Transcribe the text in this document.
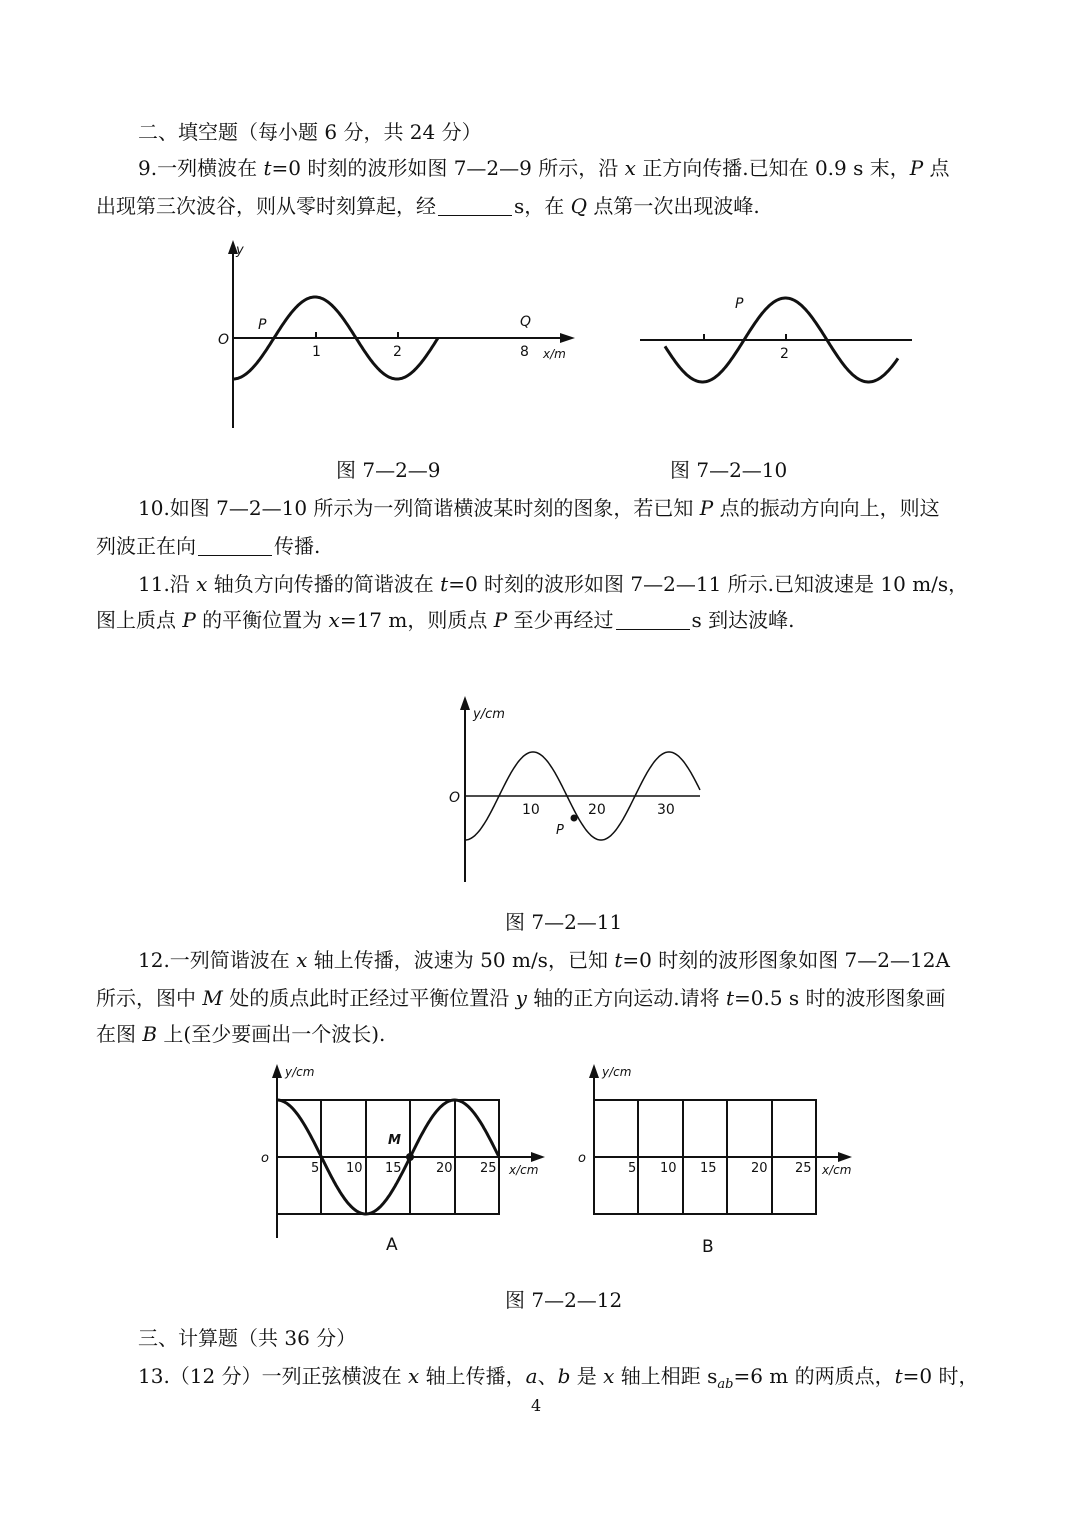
二、填空题（每小题 6 分，共 24 分）
9.一列横波在 t=0 时刻的波形如图 7—2—9 所示，沿 x 正方向传播.已知在 0.9 s 末，P 点
出现第三次波谷，则从零时刻算起，经	s，在 Q 点第一次出现波峰.
y
O
1	2	8 x/m
P	Q
2
P
图 7—2—9	图 7—2—10
10.如图 7—2—10 所示为一列简谐横波某时刻的图象，若已知 P 点的振动方向向上，则这
列波正在向	传播.
11.沿 x 轴负方向传播的简谐波在 t=0 时刻的波形如图 7—2—11 所示.已知波速是 10 m/s，
图上质点 P 的平衡位置为 x=17 m，则质点 P 至少再经过	s 到达波峰.
y/cm
O
10	20	30
P
图 7—2—11
12.一列简谐波在 x 轴上传播，波速为 50 m/s，已知 t=0 时刻的波形图象如图 7—2—12A
所示，图中 M 处的质点此时正经过平衡位置沿 y 轴的正方向运动.请将 t=0.5 s 时的波形图象画
在图 B 上(至少要画出一个波长).
y/cm
o
5 10 15	20 25 x/cm
M
A
y/cm
o
5 10 15	20 25 x/cm
B
图 7—2—12
三、计算题（共 36 分）
13.（12 分）一列正弦横波在 x 轴上传播，a、b 是 x 轴上相距 $s_{ab}=6$ m 的两质点，t=0 时，
4
